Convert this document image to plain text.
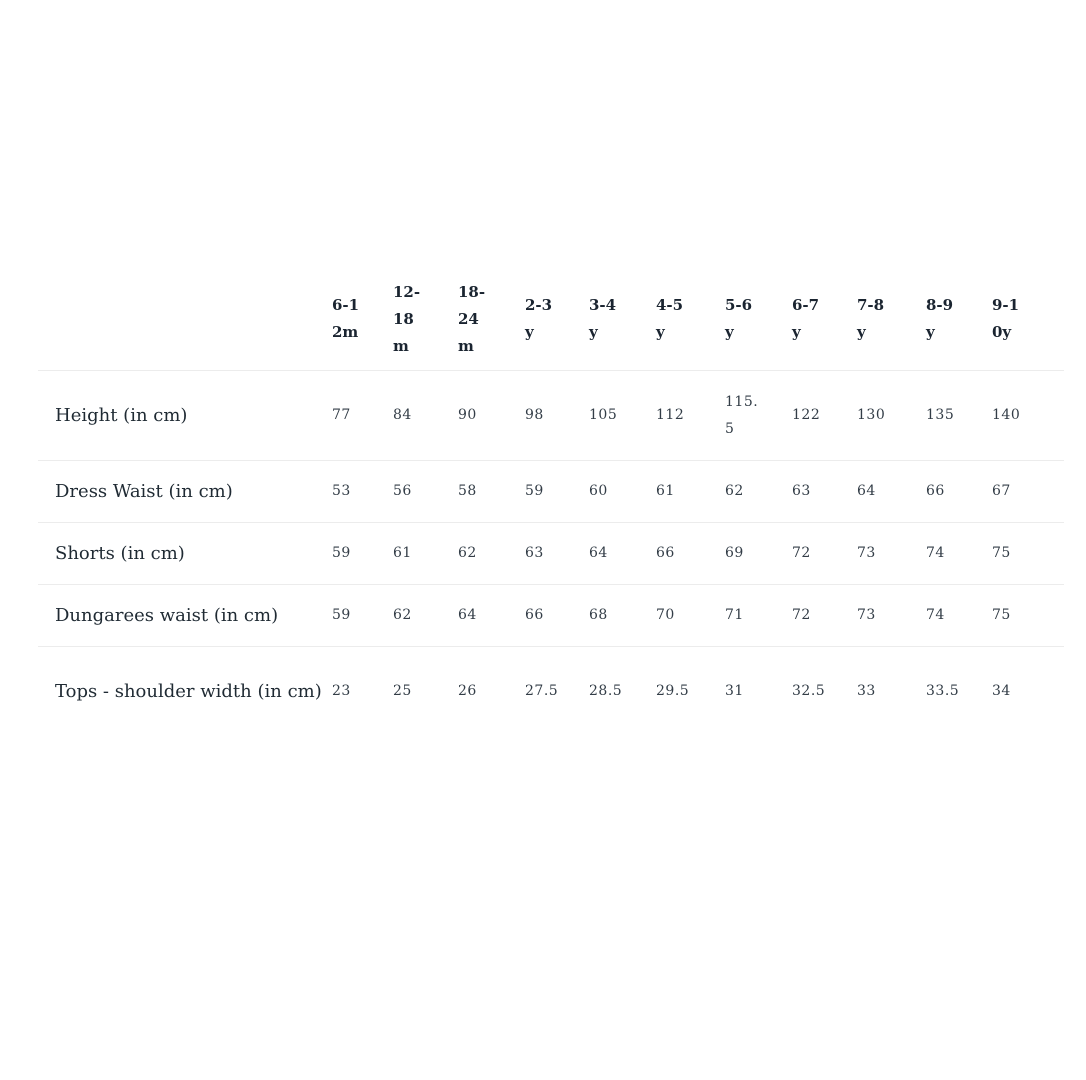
	6-12m	12-18m	18-24m	2-3y	3-4y	4-5y	5-6y	6-7y	7-8y	8-9y	9-10y

Height (in cm)	77	84	90	98	105	112	115.5	122	130	135	140
Dress Waist (in cm)	53	56	58	59	60	61	62	63	64	66	67
Shorts (in cm)	59	61	62	63	64	66	69	72	73	74	75
Dungarees waist (in cm)	59	62	64	66	68	70	71	72	73	74	75
Tops - shoulder width (in cm)	23	25	26	27.5	28.5	29.5	31	32.5	33	33.5	34
